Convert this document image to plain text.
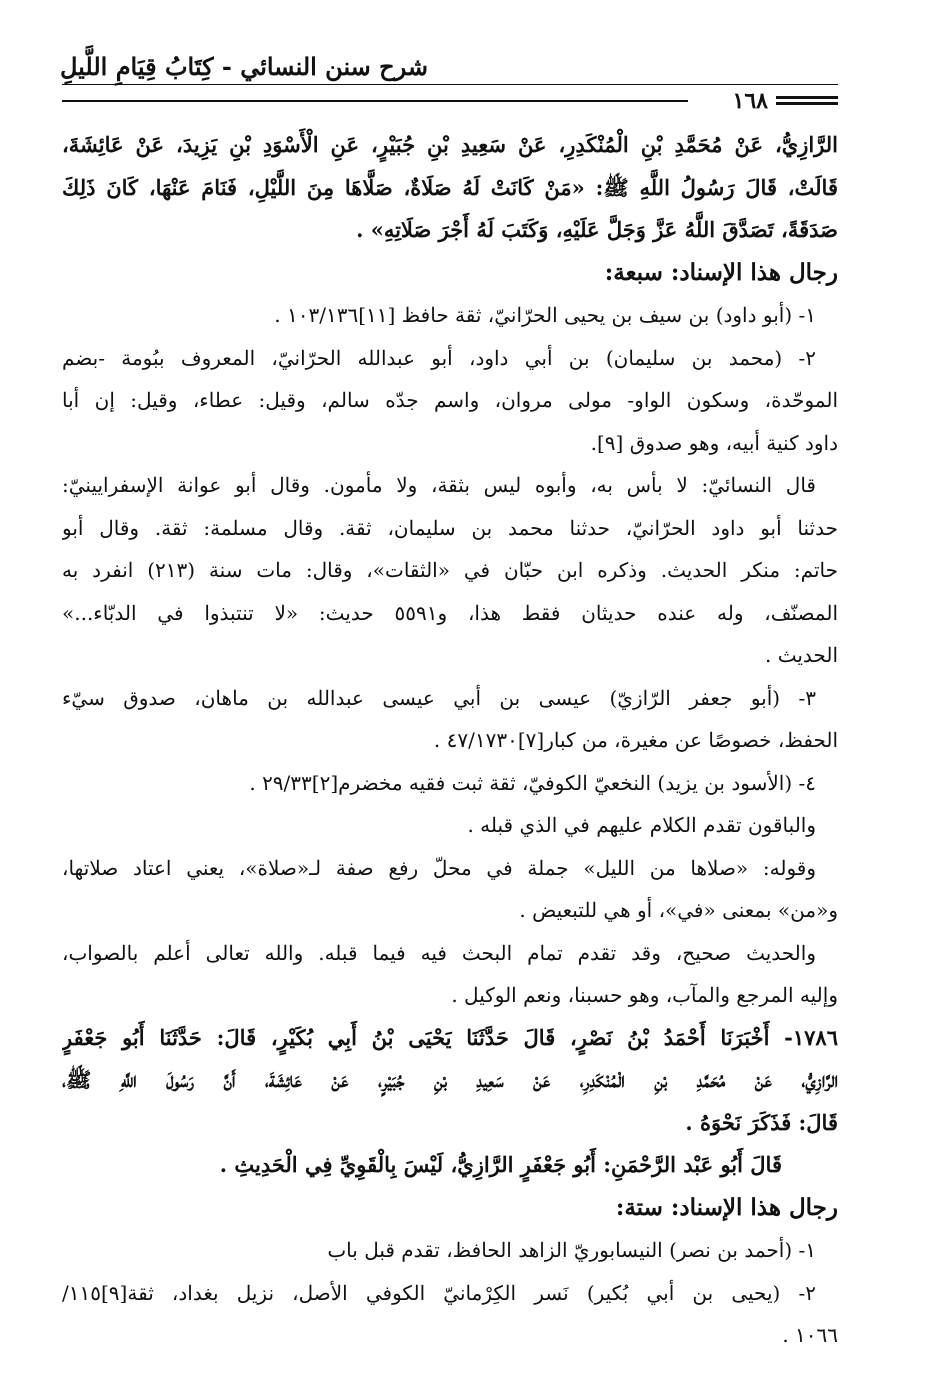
شرح سنن النسائي - كِتَابُ قِيَامِ اللَّيلِ
١٦٨
الرَّازِيُّ، عَنْ مُحَمَّدِ بْنِ الْمُنْكَدِرِ، عَنْ سَعِيدِ بْنِ جُبَيْرٍ، عَنِ الْأَسْوَدِ بْنِ يَزِيدَ، عَنْ عَائِشَةَ،
قَالَتْ، قَالَ رَسُولُ اللَّهِ ﷺ: «مَنْ كَانَتْ لَهُ صَلَاةٌ، صَلَّاهَا مِنَ اللَّيْلِ، فَنَامَ عَنْهَا، كَانَ ذَلِكَ
صَدَقَةً، تَصَدَّقَ اللَّهُ عَزَّ وَجَلَّ عَلَيْهِ، وَكَتَبَ لَهُ أَجْرَ صَلَاتِهِ» .
رجال هذا الإسناد: سبعة:
١- (أبو داود) بن سيف بن يحيى الحرّانيّ، ثقة حافظ [١١]١٠٣/١٣٦ .
٢- (محمد بن سليمان) بن أبي داود، أبو عبدالله الحرّانيّ، المعروف ببُومة -بضم
الموحّدة، وسكون الواو- مولى مروان، واسم جدّه سالم، وقيل: عطاء، وقيل: إن أبا
داود كنية أبيه، وهو صدوق [٩].
قال النسائيّ: لا بأس به، وأبوه ليس بثقة، ولا مأمون. وقال أبو عوانة الإسفرايينيّ:
حدثنا أبو داود الحرّانيّ، حدثنا محمد بن سليمان، ثقة. وقال مسلمة: ثقة. وقال أبو
حاتم: منكر الحديث. وذكره ابن حبّان في «الثقات»، وقال: مات سنة (٢١٣) انفرد به
المصنّف، وله عنده حديثان فقط هذا، و٥٥٩١ حديث: «لا تنتبذوا في الدبّاء...»
الحديث .
٣- (أبو جعفر الرّازيّ) عيسى بن أبي عيسى عبدالله بن ماهان، صدوق سيّء
الحفظ، خصوصًا عن مغيرة، من كبار[٧]٤٧/١٧٣٠ .
٤- (الأسود بن يزيد) النخعيّ الكوفيّ، ثقة ثبت فقيه مخضرم[٢]٢٩/٣٣ .
والباقون تقدم الكلام عليهم في الذي قبله .
وقوله: «صلاها من الليل» جملة في محلّ رفع صفة لـ«صلاة»، يعني اعتاد صلاتها،
و«من» بمعنى «في»، أو هي للتبعيض .
والحديث صحيح، وقد تقدم تمام البحث فيه فيما قبله. والله تعالى أعلم بالصواب،
وإليه المرجع والمآب، وهو حسبنا، ونعم الوكيل .
١٧٨٦- أَخْبَرَنَا أَحْمَدُ بْنُ نَصْرٍ، قَالَ حَدَّثَنَا يَحْيَى بْنُ أَبِي بُكَيْرٍ، قَالَ: حَدَّثَنَا أَبُو جَعْفَرٍ
الرَّازِيُّ، عَنْ مُحَمَّدِ بْنِ الْمُنْكَدِرِ، عَنْ سَعِيدِ بْنِ جُبَيْرٍ، عَنْ عَائِشَةَ، أَنَّ رَسُولَ اللَّهِ ﷺ،
قَالَ: فَذَكَرَ نَحْوَهُ .
قَالَ أَبُو عَبْد الرَّحْمَنِ: أَبُو جَعْفَرٍ الرَّازِيُّ، لَيْسَ بِالْقَوِيِّ فِي الْحَدِيثِ .
رجال هذا الإسناد: ستة:
١- (أحمد بن نصر) النيسابوريّ الزاهد الحافظ، تقدم قبل باب
٢- (يحيى بن أبي بُكير) نَسر الكِرْمانيّ الكوفي الأصل، نزيل بغداد، ثقة[٩]١١٥/
١٠٦٦ .
